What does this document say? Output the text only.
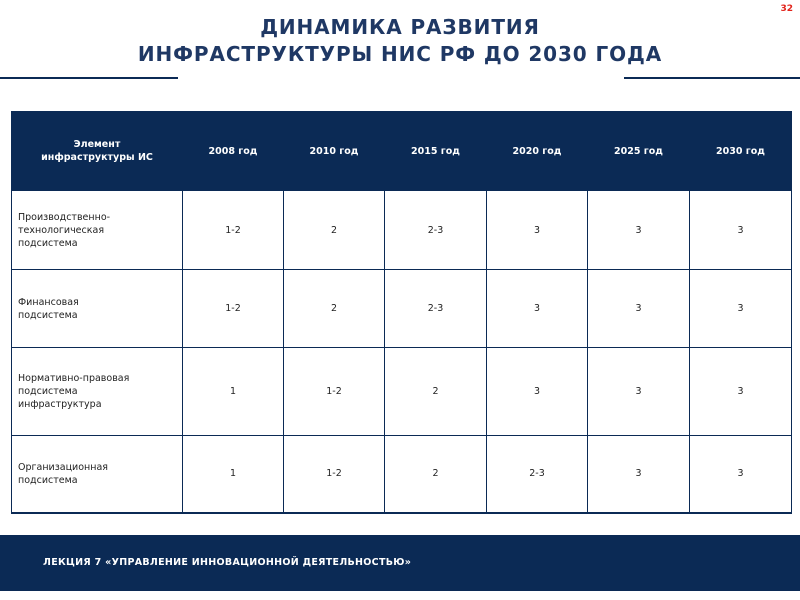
32
ДИНАМИКА РАЗВИТИЯ
ИНФРАСТРУКТУРЫ НИС РФ ДО 2030 ГОДА
Элемент инфраструктуры ИС	2008 год	2010 год	2015 год	2020 год	2025 год	2030 год
Производственно-технологическая подсистема	1-2	2	2-3	3	3	3
Финансовая подсистема	1-2	2	2-3	3	3	3
Нормативно-правовая подсистема инфраструктура	1	1-2	2	3	3	3
Организационная подсистема	1	1-2	2	2-3	3	3
ЛЕКЦИЯ 7 «УПРАВЛЕНИЕ ИННОВАЦИОННОЙ ДЕЯТЕЛЬНОСТЬЮ»
